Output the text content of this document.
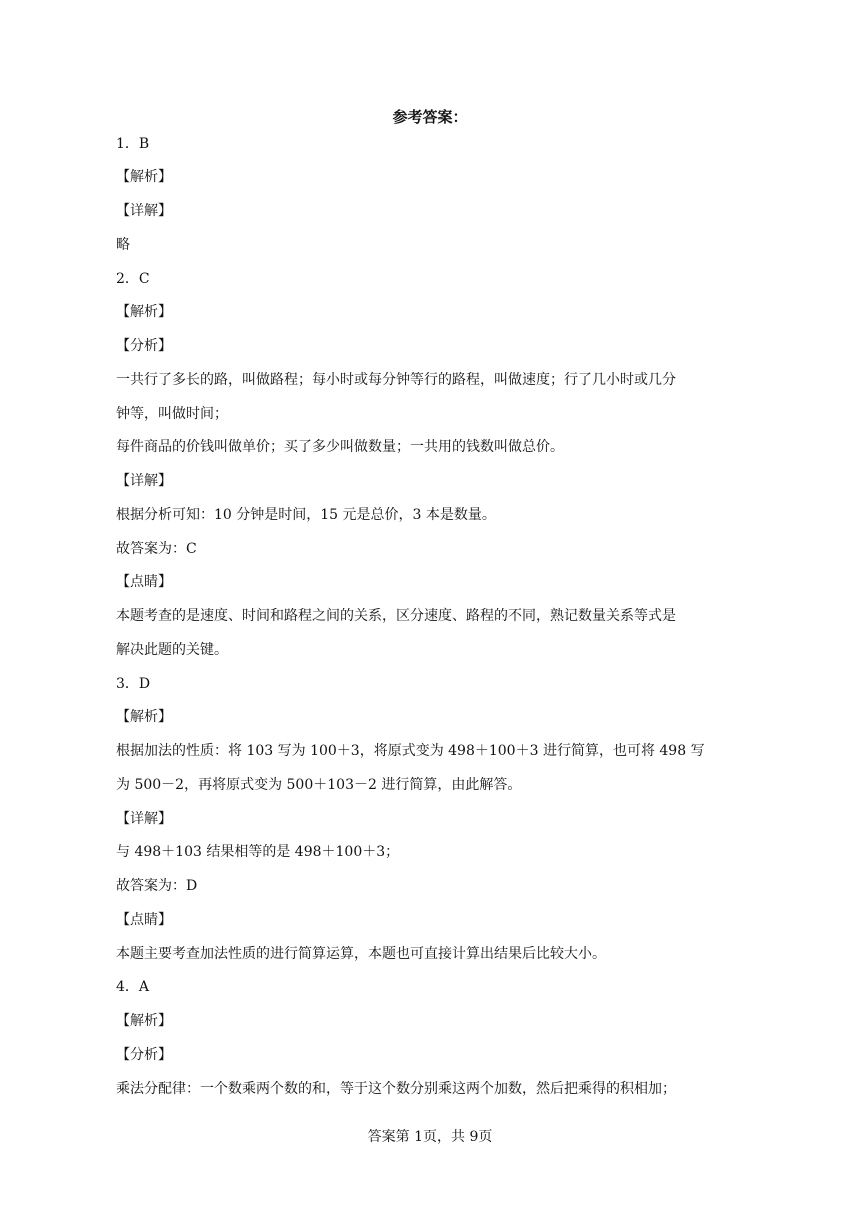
参考答案：
1．B
【解析】
【详解】
略
2．C
【解析】
【分析】
一共行了多长的路，叫做路程；每小时或每分钟等行的路程，叫做速度；行了几小时或几分
钟等，叫做时间；
每件商品的价钱叫做单价；买了多少叫做数量；一共用的钱数叫做总价。
【详解】
根据分析可知：10 分钟是时间，15 元是总价，3 本是数量。
故答案为：C
【点睛】
本题考查的是速度、时间和路程之间的关系，区分速度、路程的不同，熟记数量关系等式是
解决此题的关键。
3．D
【解析】
根据加法的性质：将 103 写为 100＋3，将原式变为 498＋100＋3 进行简算，也可将 498 写
为 500－2，再将原式变为 500＋103－2 进行简算，由此解答。
【详解】
与 498＋103 结果相等的是 498＋100＋3；
故答案为：D
【点睛】
本题主要考查加法性质的进行简算运算，本题也可直接计算出结果后比较大小。
4．A
【解析】
【分析】
乘法分配律：一个数乘两个数的和，等于这个数分别乘这两个加数，然后把乘得的积相加；
答案第 1页，共 9页
